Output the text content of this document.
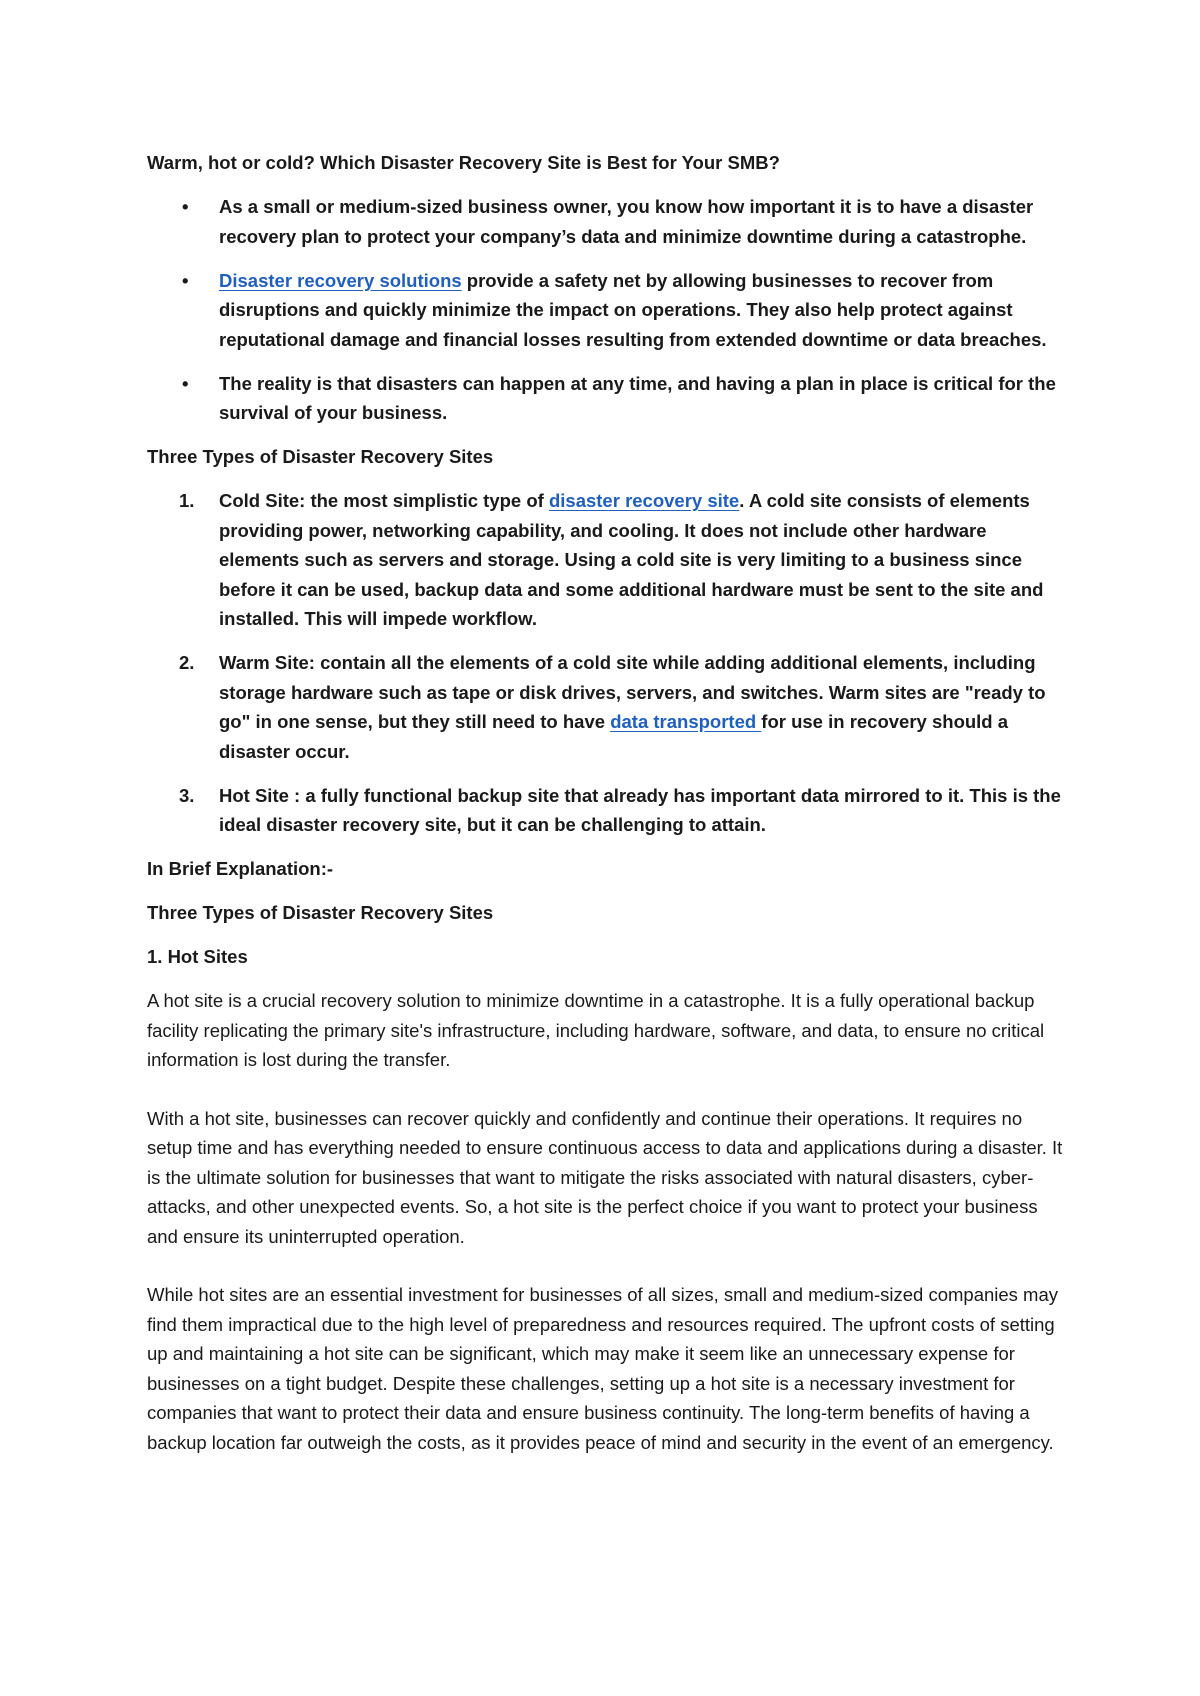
Warm, hot or cold? Which Disaster Recovery Site is Best for Your SMB?

• As a small or medium-sized business owner, you know how important it is to have a disaster recovery plan to protect your company’s data and minimize downtime during a catastrophe.
• Disaster recovery solutions provide a safety net by allowing businesses to recover from disruptions and quickly minimize the impact on operations. They also help protect against reputational damage and financial losses resulting from extended downtime or data breaches.
• The reality is that disasters can happen at any time, and having a plan in place is critical for the survival of your business.

Three Types of Disaster Recovery Sites

1. Cold Site: the most simplistic type of disaster recovery site. A cold site consists of elements providing power, networking capability, and cooling. It does not include other hardware elements such as servers and storage. Using a cold site is very limiting to a business since before it can be used, backup data and some additional hardware must be sent to the site and installed. This will impede workflow.
2. Warm Site: contain all the elements of a cold site while adding additional elements, including storage hardware such as tape or disk drives, servers, and switches. Warm sites are "ready to go" in one sense, but they still need to have data transported for use in recovery should a disaster occur.
3. Hot Site : a fully functional backup site that already has important data mirrored to it. This is the ideal disaster recovery site, but it can be challenging to attain.

In Brief Explanation:-

Three Types of Disaster Recovery Sites

1. Hot Sites

A hot site is a crucial recovery solution to minimize downtime in a catastrophe. It is a fully operational backup facility replicating the primary site's infrastructure, including hardware, software, and data, to ensure no critical information is lost during the transfer.

With a hot site, businesses can recover quickly and confidently and continue their operations. It requires no setup time and has everything needed to ensure continuous access to data and applications during a disaster. It is the ultimate solution for businesses that want to mitigate the risks associated with natural disasters, cyber-attacks, and other unexpected events. So, a hot site is the perfect choice if you want to protect your business and ensure its uninterrupted operation.

While hot sites are an essential investment for businesses of all sizes, small and medium-sized companies may find them impractical due to the high level of preparedness and resources required. The upfront costs of setting up and maintaining a hot site can be significant, which may make it seem like an unnecessary expense for businesses on a tight budget. Despite these challenges, setting up a hot site is a necessary investment for companies that want to protect their data and ensure business continuity. The long-term benefits of having a backup location far outweigh the costs, as it provides peace of mind and security in the event of an emergency.
